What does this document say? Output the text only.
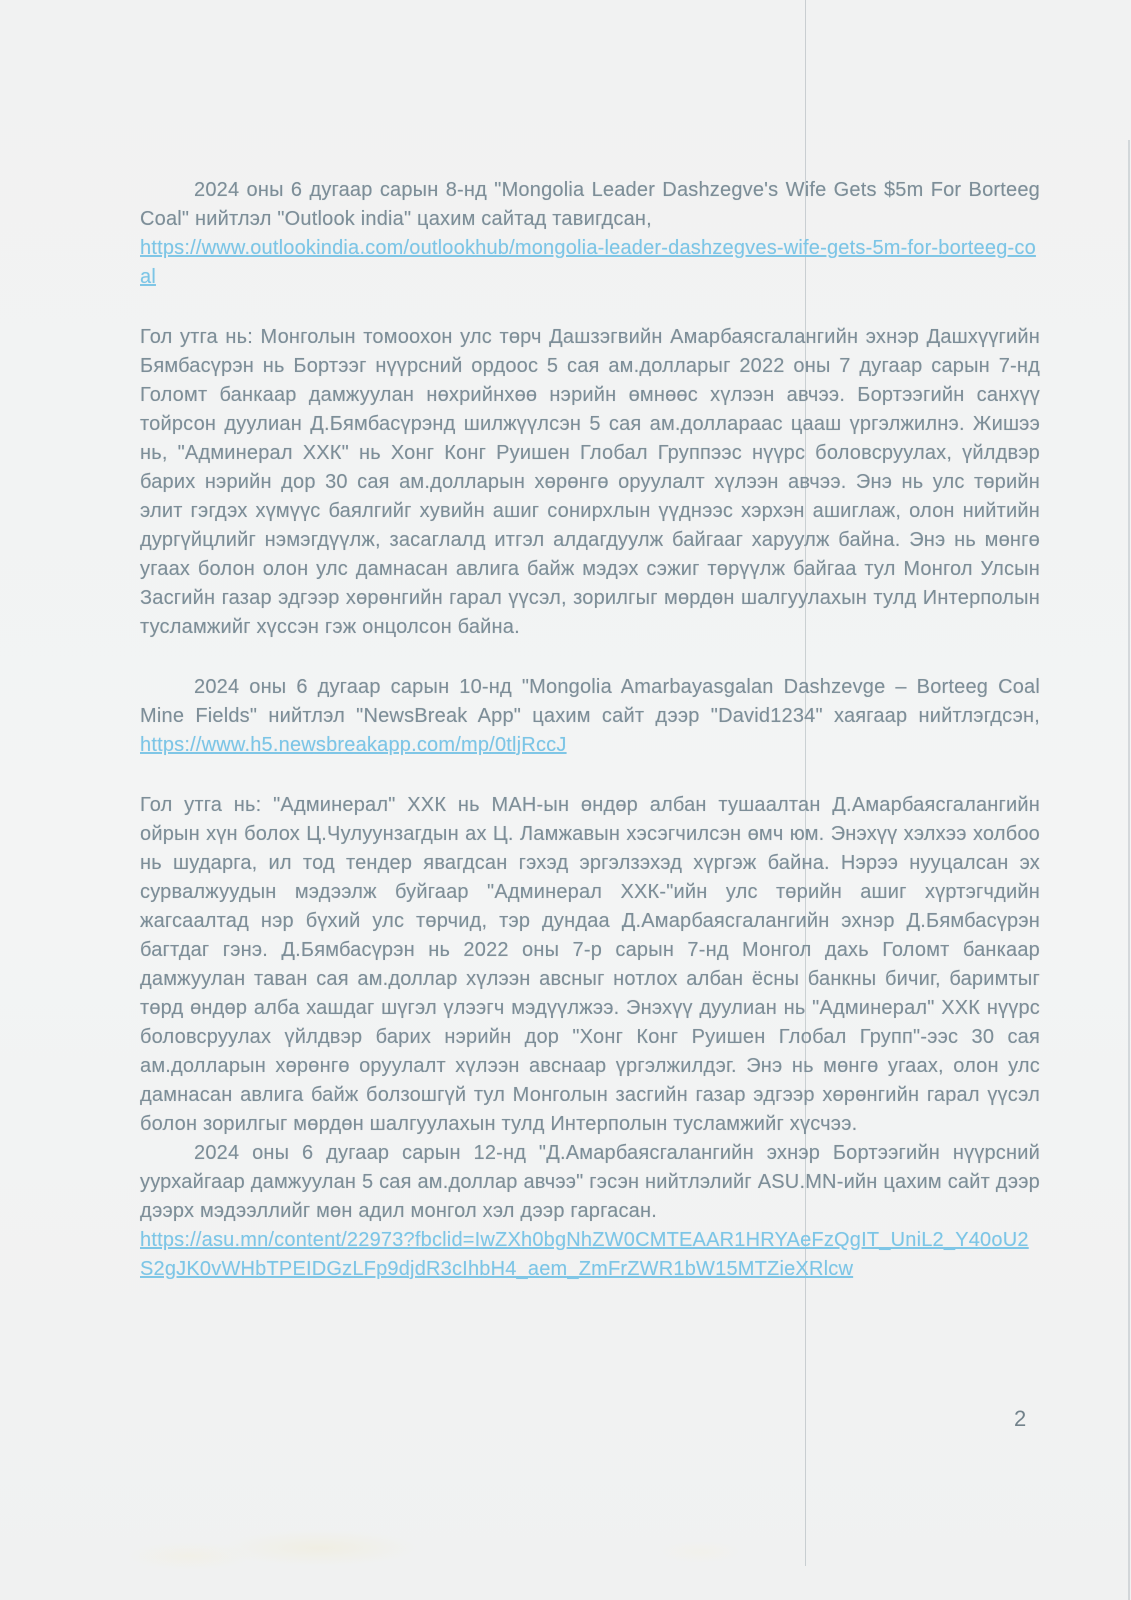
2024 оны 6 дугаар сарын 8-нд "Mongolia Leader Dashzegve's Wife Gets $5m For Borteeg Coal" нийтлэл "Outlook india" цахим сайтад тавигдсан,
https://www.outlookindia.com/outlookhub/mongolia-leader-dashzegves-wife-gets-5m-for-borteeg-coal

Гол утга нь: Монголын томоохон улс төрч Дашзэгвийн Амарбаясгалангийн эхнэр Дашхүүгийн Бямбасүрэн нь Бортээг нүүрсний ордоос 5 сая ам.долларыг 2022 оны 7 дугаар сарын 7-нд Голомт банкаар дамжуулан нөхрийнхөө нэрийн өмнөөс хүлээн авчээ. Бортээгийн санхүү тойрсон дуулиан Д.Бямбасүрэнд шилжүүлсэн 5 сая ам.доллараас цааш үргэлжилнэ. Жишээ нь, "Админерал ХХК" нь Хонг Конг Руишен Глобал Группээс нүүрс боловсруулах, үйлдвэр барих нэрийн дор 30 сая ам.долларын хөрөнгө оруулалт хүлээн авчээ. Энэ нь улс төрийн элит гэгдэх хүмүүс баялгийг хувийн ашиг сонирхлын үүднээс хэрхэн ашиглаж, олон нийтийн дургүйцлийг нэмэгдүүлж, засаглалд итгэл алдагдуулж байгааг харуулж байна. Энэ нь мөнгө угаах болон олон улс дамнасан авлига байж мэдэх сэжиг төрүүлж байгаа тул Монгол Улсын Засгийн газар эдгээр хөрөнгийн гарал үүсэл, зорилгыг мөрдөн шалгуулахын тулд Интерполын тусламжийг хүссэн гэж онцолсон байна.

2024 оны 6 дугаар сарын 10-нд "Mongolia Amarbayasgalan Dashzevge – Borteeg Coal Mine Fields" нийтлэл "NewsBreak App" цахим сайт дээр "David1234" хаягаар нийтлэгдсэн, https://www.h5.newsbreakapp.com/mp/0tljRccJ

Гол утга нь: "Админерал" ХХК нь МАН-ын өндөр албан тушаалтан Д.Амарбаясгалангийн ойрын хүн болох Ц.Чулуунзагдын ах Ц. Ламжавын хэсэгчилсэн өмч юм. Энэхүү хэлхээ холбоо нь шударга, ил тод тендер явагдсан гэхэд эргэлзэхэд хүргэж байна. Нэрээ нууцалсан эх сурвалжуудын мэдээлж буйгаар "Админерал ХХК-"ийн улс төрийн ашиг хүртэгчдийн жагсаалтад нэр бүхий улс төрчид, тэр дундаа Д.Амарбаясгалангийн эхнэр Д.Бямбасүрэн багтдаг гэнэ. Д.Бямбасүрэн нь 2022 оны 7-р сарын 7-нд Монгол дахь Голомт банкаар дамжуулан таван сая ам.доллар хүлээн авсныг нотлох албан ёсны банкны бичиг, баримтыг төрд өндөр алба хашдаг шүгэл үлээгч мэдүүлжээ. Энэхүү дуулиан нь "Админерал" ХХК нүүрс боловсруулах үйлдвэр барих нэрийн дор "Хонг Конг Руишен Глобал Групп"-ээс 30 сая ам.долларын хөрөнгө оруулалт хүлээн авснаар үргэлжилдэг. Энэ нь мөнгө угаах, олон улс дамнасан авлига байж болзошгүй тул Монголын засгийн газар эдгээр хөрөнгийн гарал үүсэл болон зорилгыг мөрдөн шалгуулахын тулд Интерполын тусламжийг хүсчээ.

2024 оны 6 дугаар сарын 12-нд "Д.Амарбаясгалангийн эхнэр Бортээгийн нүүрсний уурхайгаар дамжуулан 5 сая ам.доллар авчээ" гэсэн нийтлэлийг ASU.MN-ийн цахим сайт дээр дээрх мэдээллийг мөн адил монгол хэл дээр гаргасан.
https://asu.mn/content/22973?fbclid=IwZXh0bgNhZW0CMTEAAR1HRYAeFzQgIT_UniL2_Y40oU2S2gJK0vWHbTPEIDGzLFp9djdR3cIhbH4_aem_ZmFrZWR1bW15MTZieXRlcw

2
